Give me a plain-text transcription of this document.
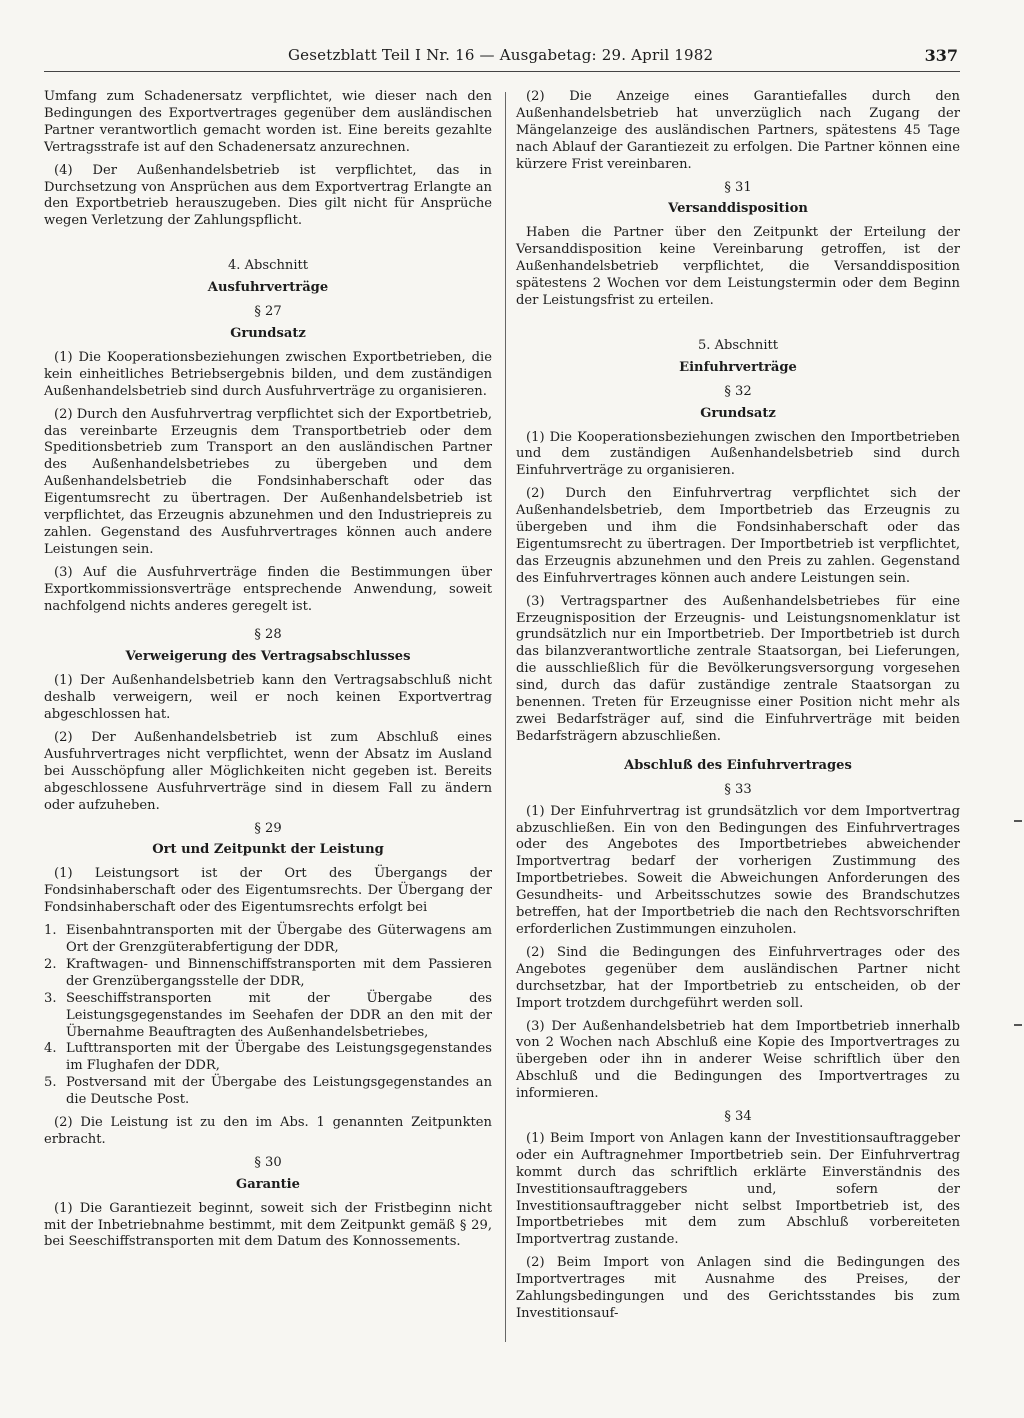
Gesetzblatt Teil I Nr. 16 — Ausgabetag: 29. April 1982	337

Umfang zum Schadenersatz verpflichtet, wie dieser nach den Bedingungen des Exportvertrages gegenüber dem ausländischen Partner verantwortlich gemacht worden ist. Eine bereits gezahlte Vertragsstrafe ist auf den Schadenersatz anzurechnen.

(4) Der Außenhandelsbetrieb ist verpflichtet, das in Durchsetzung von Ansprüchen aus dem Exportvertrag Erlangte an den Exportbetrieb herauszugeben. Dies gilt nicht für Ansprüche wegen Verletzung der Zahlungspflicht.

4. Abschnitt
Ausfuhrverträge
§ 27
Grundsatz

(1) Die Kooperationsbeziehungen zwischen Exportbetrieben, die kein einheitliches Betriebsergebnis bilden, und dem zuständigen Außenhandelsbetrieb sind durch Ausfuhrverträge zu organisieren.

(2) Durch den Ausfuhrvertrag verpflichtet sich der Exportbetrieb, das vereinbarte Erzeugnis dem Transportbetrieb oder dem Speditionsbetrieb zum Transport an den ausländischen Partner des Außenhandelsbetriebes zu übergeben und dem Außenhandelsbetrieb die Fondsinhaberschaft oder das Eigentumsrecht zu übertragen. Der Außenhandelsbetrieb ist verpflichtet, das Erzeugnis abzunehmen und den Industriepreis zu zahlen. Gegenstand des Ausfuhrvertrages können auch andere Leistungen sein.

(3) Auf die Ausfuhrverträge finden die Bestimmungen über Exportkommissionsverträge entsprechende Anwendung, soweit nachfolgend nichts anderes geregelt ist.

§ 28
Verweigerung des Vertragsabschlusses

(1) Der Außenhandelsbetrieb kann den Vertragsabschluß nicht deshalb verweigern, weil er noch keinen Exportvertrag abgeschlossen hat.

(2) Der Außenhandelsbetrieb ist zum Abschluß eines Ausfuhrvertrages nicht verpflichtet, wenn der Absatz im Ausland bei Ausschöpfung aller Möglichkeiten nicht gegeben ist. Bereits abgeschlossene Ausfuhrverträge sind in diesem Fall zu ändern oder aufzuheben.

§ 29
Ort und Zeitpunkt der Leistung

(1) Leistungsort ist der Ort des Übergangs der Fondsinhaberschaft oder des Eigentumsrechts. Der Übergang der Fondsinhaberschaft oder des Eigentumsrechts erfolgt bei

1. Eisenbahntransporten mit der Übergabe des Güterwagens am Ort der Grenzgüterabfertigung der DDR,
2. Kraftwagen- und Binnenschiffstransporten mit dem Passieren der Grenzübergangsstelle der DDR,
3. Seeschiffstransporten mit der Übergabe des Leistungsgegenstandes im Seehafen der DDR an den mit der Übernahme Beauftragten des Außenhandelsbetriebes,
4. Lufttransporten mit der Übergabe des Leistungsgegenstandes im Flughafen der DDR,
5. Postversand mit der Übergabe des Leistungsgegenstandes an die Deutsche Post.

(2) Die Leistung ist zu den im Abs. 1 genannten Zeitpunkten erbracht.

§ 30
Garantie

(1) Die Garantiezeit beginnt, soweit sich der Fristbeginn nicht mit der Inbetriebnahme bestimmt, mit dem Zeitpunkt gemäß § 29, bei Seeschiffstransporten mit dem Datum des Konnossements.

(2) Die Anzeige eines Garantiefalles durch den Außenhandelsbetrieb hat unverzüglich nach Zugang der Mängelanzeige des ausländischen Partners, spätestens 45 Tage nach Ablauf der Garantiezeit zu erfolgen. Die Partner können eine kürzere Frist vereinbaren.

§ 31
Versanddisposition

Haben die Partner über den Zeitpunkt der Erteilung der Versanddisposition keine Vereinbarung getroffen, ist der Außenhandelsbetrieb verpflichtet, die Versanddisposition spätestens 2 Wochen vor dem Leistungstermin oder dem Beginn der Leistungsfrist zu erteilen.

5. Abschnitt
Einfuhrverträge
§ 32
Grundsatz

(1) Die Kooperationsbeziehungen zwischen den Importbetrieben und dem zuständigen Außenhandelsbetrieb sind durch Einfuhrverträge zu organisieren.

(2) Durch den Einfuhrvertrag verpflichtet sich der Außenhandelsbetrieb, dem Importbetrieb das Erzeugnis zu übergeben und ihm die Fondsinhaberschaft oder das Eigentumsrecht zu übertragen. Der Importbetrieb ist verpflichtet, das Erzeugnis abzunehmen und den Preis zu zahlen. Gegenstand des Einfuhrvertrages können auch andere Leistungen sein.

(3) Vertragspartner des Außenhandelsbetriebes für eine Erzeugnisposition der Erzeugnis- und Leistungsnomenklatur ist grundsätzlich nur ein Importbetrieb. Der Importbetrieb ist durch das bilanzverantwortliche zentrale Staatsorgan, bei Lieferungen, die ausschließlich für die Bevölkerungsversorgung vorgesehen sind, durch das dafür zuständige zentrale Staatsorgan zu benennen. Treten für Erzeugnisse einer Position nicht mehr als zwei Bedarfsträger auf, sind die Einfuhrverträge mit beiden Bedarfsträgern abzuschließen.

Abschluß des Einfuhrvertrages
§ 33

(1) Der Einfuhrvertrag ist grundsätzlich vor dem Importvertrag abzuschließen. Ein von den Bedingungen des Einfuhrvertrages oder des Angebotes des Importbetriebes abweichender Importvertrag bedarf der vorherigen Zustimmung des Importbetriebes. Soweit die Abweichungen Anforderungen des Gesundheits- und Arbeitsschutzes sowie des Brandschutzes betreffen, hat der Importbetrieb die nach den Rechtsvorschriften erforderlichen Zustimmungen einzuholen.

(2) Sind die Bedingungen des Einfuhrvertrages oder des Angebotes gegenüber dem ausländischen Partner nicht durchsetzbar, hat der Importbetrieb zu entscheiden, ob der Import trotzdem durchgeführt werden soll.

(3) Der Außenhandelsbetrieb hat dem Importbetrieb innerhalb von 2 Wochen nach Abschluß eine Kopie des Importvertrages zu übergeben oder ihn in anderer Weise schriftlich über den Abschluß und die Bedingungen des Importvertrages zu informieren.

§ 34

(1) Beim Import von Anlagen kann der Investitionsauftraggeber oder ein Auftragnehmer Importbetrieb sein. Der Einfuhrvertrag kommt durch das schriftlich erklärte Einverständnis des Investitionsauftraggebers und, sofern der Investitionsauftraggeber nicht selbst Importbetrieb ist, des Importbetriebes mit dem zum Abschluß vorbereiteten Importvertrag zustande.

(2) Beim Import von Anlagen sind die Bedingungen des Importvertrages mit Ausnahme des Preises, der Zahlungsbedingungen und des Gerichtsstandes bis zum Investitionsauf-
